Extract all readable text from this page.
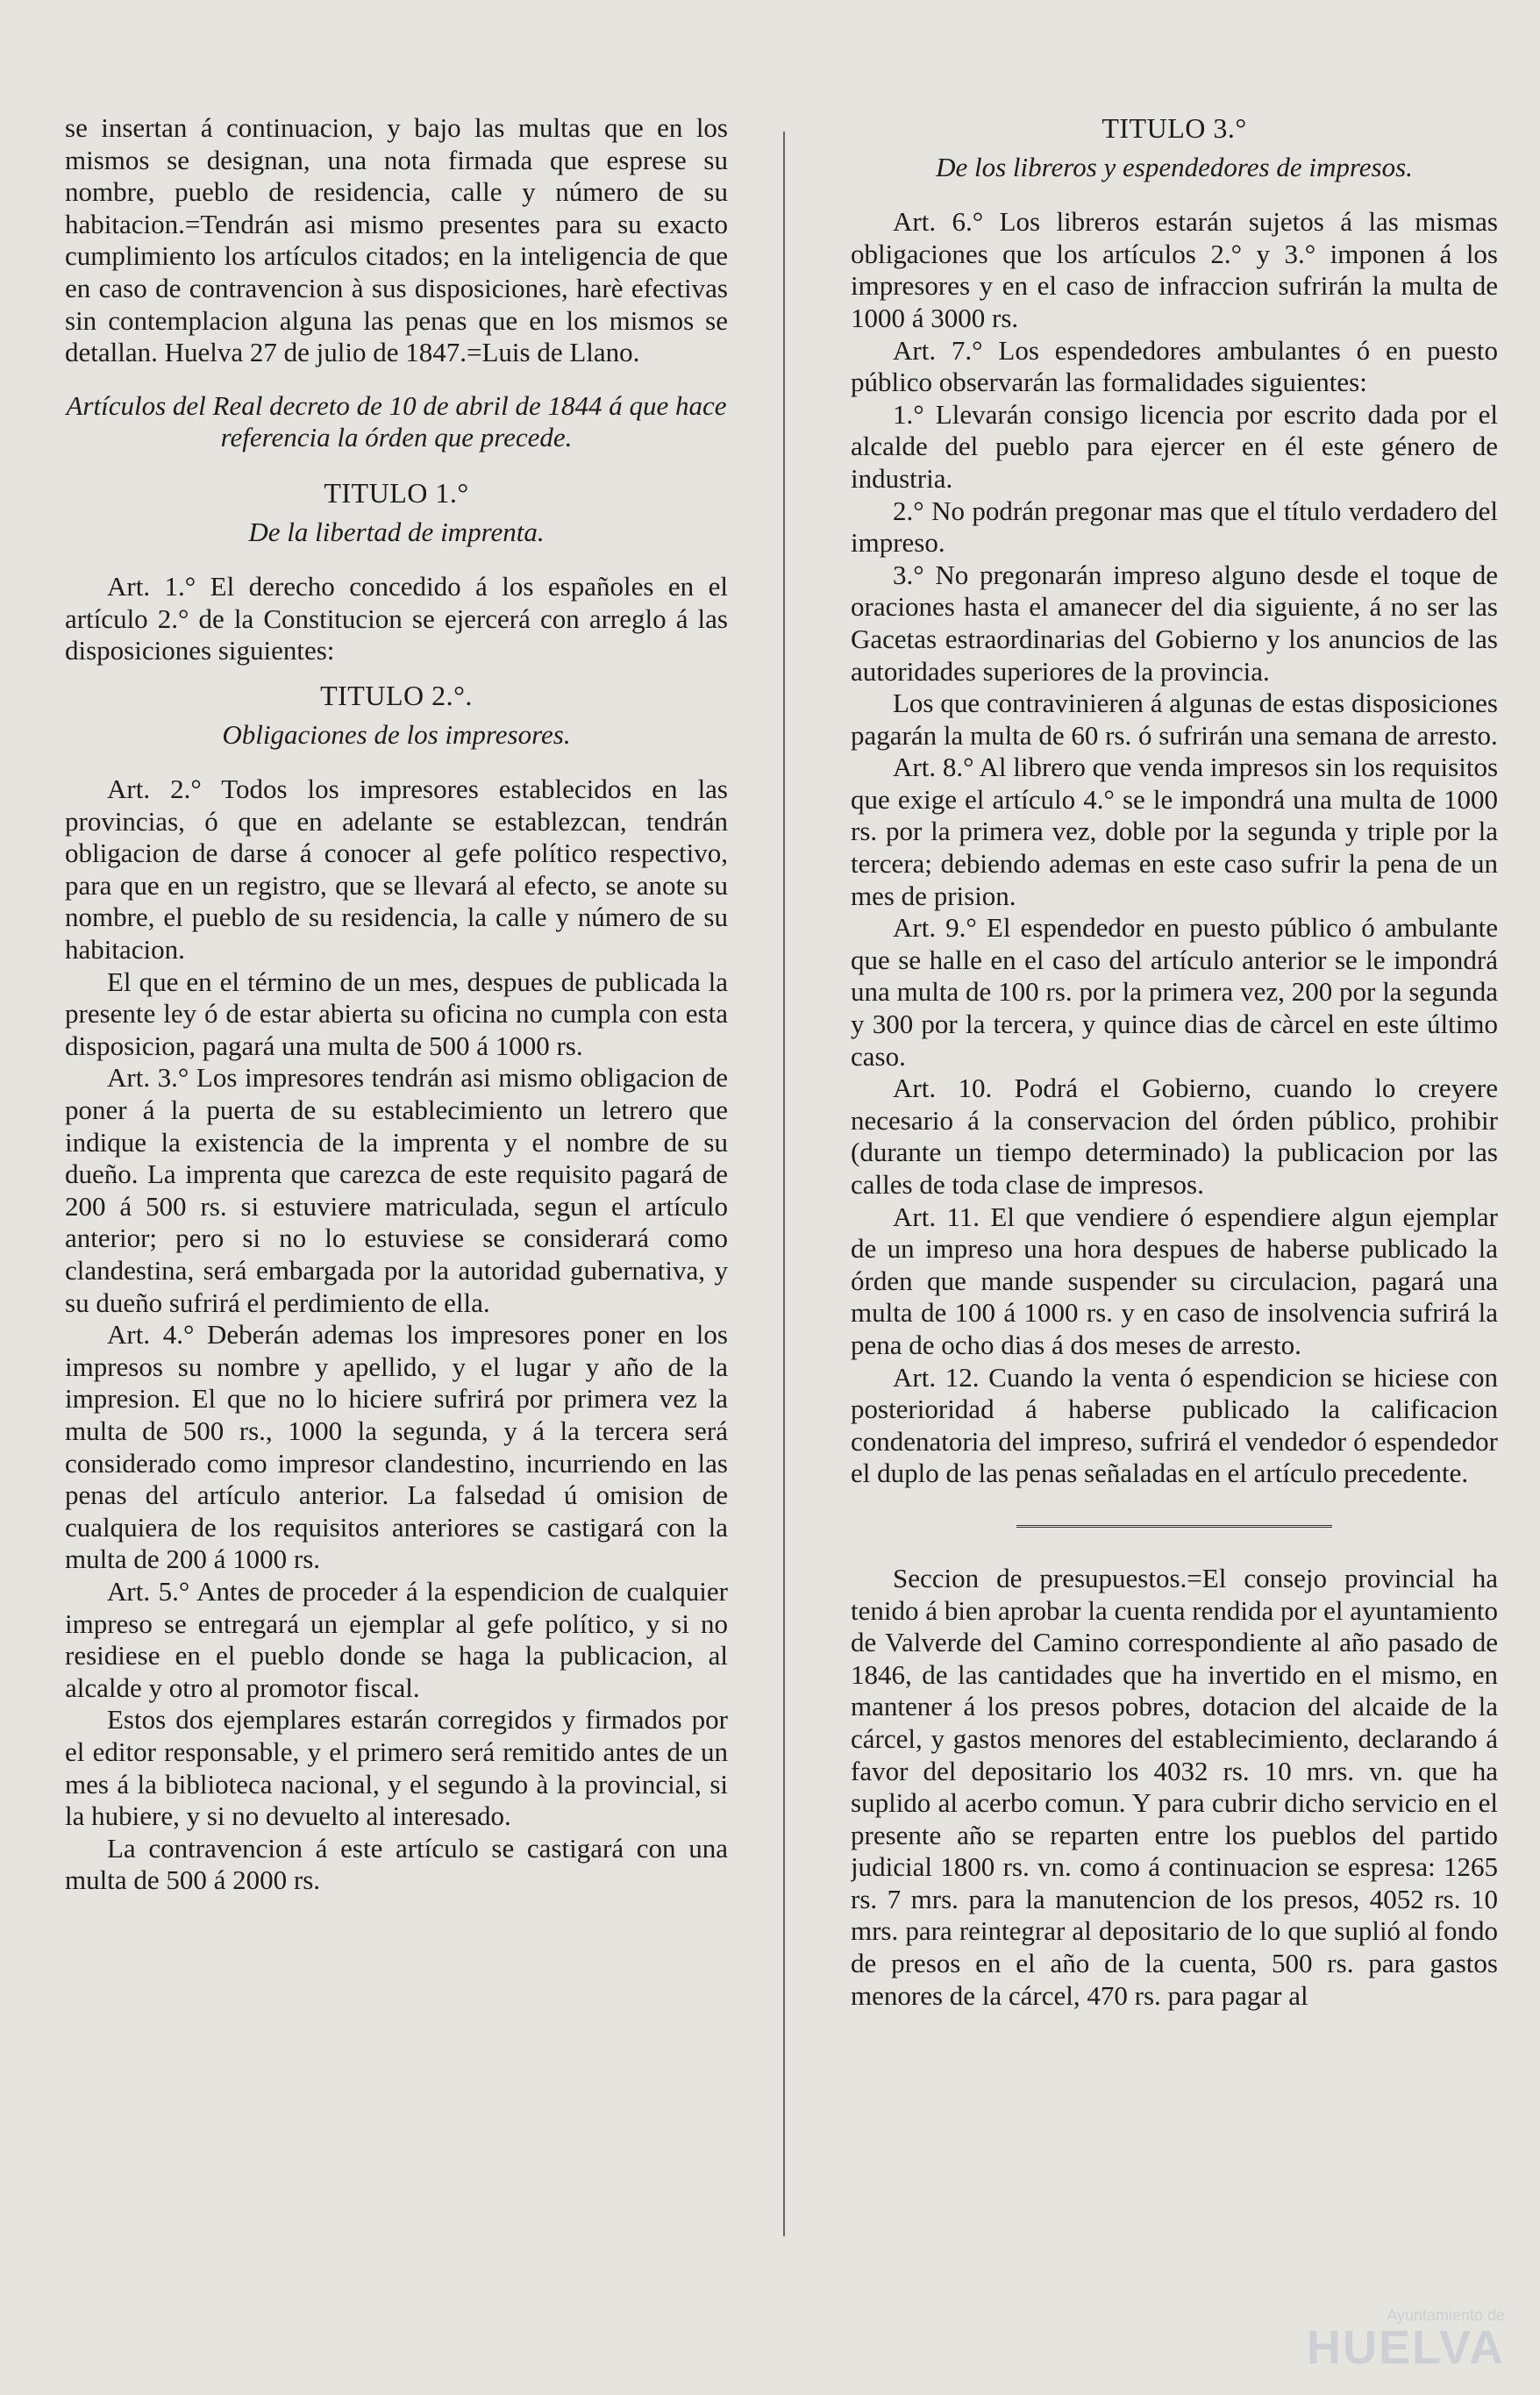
se insertan á continuacion, y bajo las multas que en los mismos se designan, una nota firmada que esprese su nombre, pueblo de residencia, calle y número de su habitacion.=Tendrán asi mismo presentes para su exacto cumplimiento los artículos citados; en la inteligencia de que en caso de contravencion à sus disposiciones, harè efectivas sin contemplacion alguna las penas que en los mismos se detallan. Huelva 27 de julio de 1847.=Luis de Llano.

Artículos del Real decreto de 10 de abril de 1844 á que hace referencia la órden que precede.

TITULO 1.°

De la libertad de imprenta.

Art. 1.° El derecho concedido á los españoles en el artículo 2.° de la Constitucion se ejercerá con arreglo á las disposiciones siguientes:

TITULO 2.°.

Obligaciones de los impresores.

Art. 2.° Todos los impresores establecidos en las provincias, ó que en adelante se establezcan, tendrán obligacion de darse á conocer al gefe político respectivo, para que en un registro, que se llevará al efecto, se anote su nombre, el pueblo de su residencia, la calle y número de su habitacion.

El que en el término de un mes, despues de publicada la presente ley ó de estar abierta su oficina no cumpla con esta disposicion, pagará una multa de 500 á 1000 rs.

Art. 3.° Los impresores tendrán asi mismo obligacion de poner á la puerta de su establecimiento un letrero que indique la existencia de la imprenta y el nombre de su dueño. La imprenta que carezca de este requisito pagará de 200 á 500 rs. si estuviere matriculada, segun el artículo anterior; pero si no lo estuviese se considerará como clandestina, será embargada por la autoridad gubernativa, y su dueño sufrirá el perdimiento de ella.

Art. 4.° Deberán ademas los impresores poner en los impresos su nombre y apellido, y el lugar y año de la impresion. El que no lo hiciere sufrirá por primera vez la multa de 500 rs., 1000 la segunda, y á la tercera será considerado como impresor clandestino, incurriendo en las penas del artículo anterior. La falsedad ú omision de cualquiera de los requisitos anteriores se castigará con la multa de 200 á 1000 rs.

Art. 5.° Antes de proceder á la espendicion de cualquier impreso se entregará un ejemplar al gefe político, y si no residiese en el pueblo donde se haga la publicacion, al alcalde y otro al promotor fiscal.

Estos dos ejemplares estarán corregidos y firmados por el editor responsable, y el primero será remitido antes de un mes á la biblioteca nacional, y el segundo à la provincial, si la hubiere, y si no devuelto al interesado.

La contravencion á este artículo se castigará con una multa de 500 á 2000 rs.

TITULO 3.°

De los libreros y espendedores de impresos.

Art. 6.° Los libreros estarán sujetos á las mismas obligaciones que los artículos 2.° y 3.° imponen á los impresores y en el caso de infraccion sufrirán la multa de 1000 á 3000 rs.

Art. 7.° Los espendedores ambulantes ó en puesto público observarán las formalidades siguientes:

1.° Llevarán consigo licencia por escrito dada por el alcalde del pueblo para ejercer en él este género de industria.

2.° No podrán pregonar mas que el título verdadero del impreso.

3.° No pregonarán impreso alguno desde el toque de oraciones hasta el amanecer del dia siguiente, á no ser las Gacetas estraordinarias del Gobierno y los anuncios de las autoridades superiores de la provincia.

Los que contravinieren á algunas de estas disposiciones pagarán la multa de 60 rs. ó sufrirán una semana de arresto.

Art. 8.° Al librero que venda impresos sin los requisitos que exige el artículo 4.° se le impondrá una multa de 1000 rs. por la primera vez, doble por la segunda y triple por la tercera; debiendo ademas en este caso sufrir la pena de un mes de prision.

Art. 9.° El espendedor en puesto público ó ambulante que se halle en el caso del artículo anterior se le impondrá una multa de 100 rs. por la primera vez, 200 por la segunda y 300 por la tercera, y quince dias de càrcel en este último caso.

Art. 10. Podrá el Gobierno, cuando lo creyere necesario á la conservacion del órden público, prohibir (durante un tiempo determinado) la publicacion por las calles de toda clase de impresos.

Art. 11. El que vendiere ó espendiere algun ejemplar de un impreso una hora despues de haberse publicado la órden que mande suspender su circulacion, pagará una multa de 100 á 1000 rs. y en caso de insolvencia sufrirá la pena de ocho dias á dos meses de arresto.

Art. 12. Cuando la venta ó espendicion se hiciese con posterioridad á haberse publicado la calificacion condenatoria del impreso, sufrirá el vendedor ó espendedor el duplo de las penas señaladas en el artículo precedente.

Seccion de presupuestos.=El consejo provincial ha tenido á bien aprobar la cuenta rendida por el ayuntamiento de Valverde del Camino correspondiente al año pasado de 1846, de las cantidades que ha invertido en el mismo, en mantener á los presos pobres, dotacion del alcaide de la cárcel, y gastos menores del establecimiento, declarando á favor del depositario los 4032 rs. 10 mrs. vn. que ha suplido al acerbo comun. Y para cubrir dicho servicio en el presente año se reparten entre los pueblos del partido judicial 1800 rs. vn. como á continuacion se espresa: 1265 rs. 7 mrs. para la manutencion de los presos, 4052 rs. 10 mrs. para reintegrar al depositario de lo que suplió al fondo de presos en el año de la cuenta, 500 rs. para gastos menores de la cárcel, 470 rs. para pagar al

Ayuntamiento de
HUELVA
